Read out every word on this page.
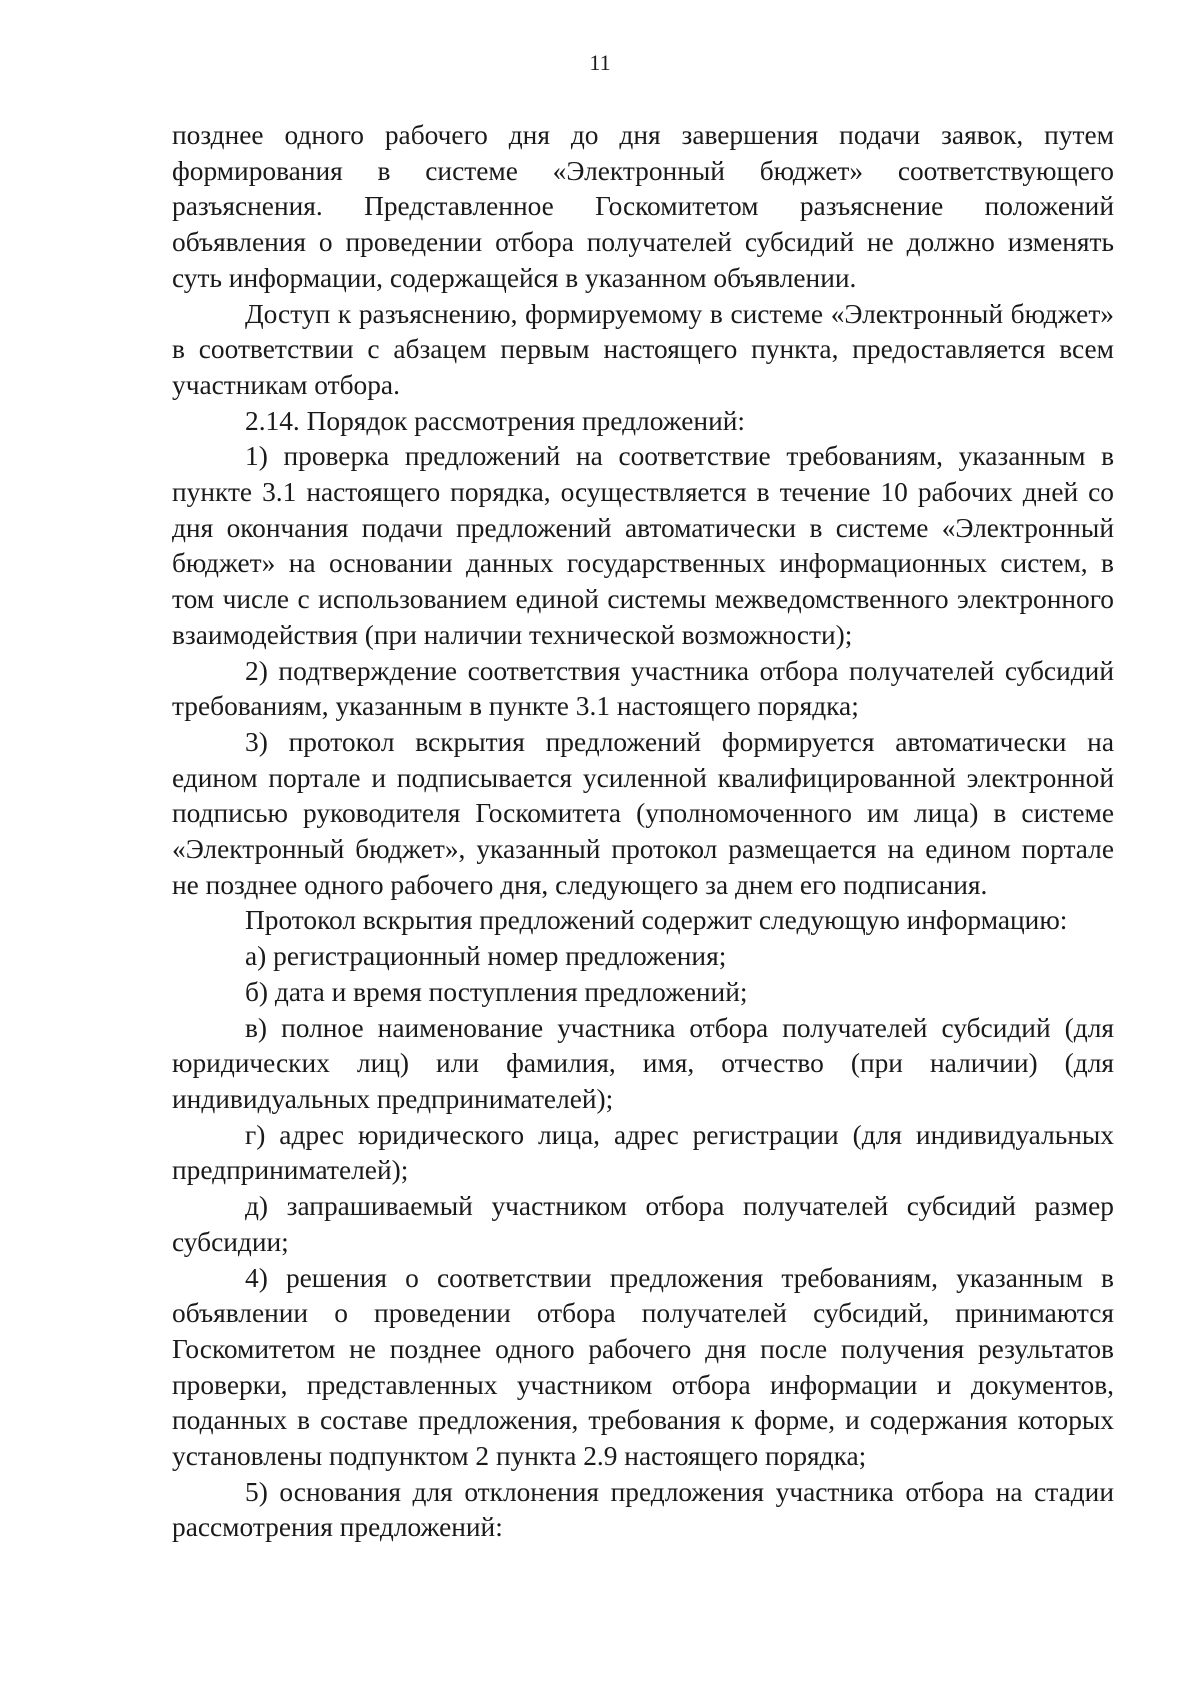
11

позднее одного рабочего дня до дня завершения подачи заявок, путем формирования в системе «Электронный бюджет» соответствующего разъяснения. Представленное Госкомитетом разъяснение положений объявления о проведении отбора получателей субсидий не должно изменять суть информации, содержащейся в указанном объявлении.

Доступ к разъяснению, формируемому в системе «Электронный бюджет» в соответствии с абзацем первым настоящего пункта, предоставляется всем участникам отбора.

2.14. Порядок рассмотрения предложений:

1) проверка предложений на соответствие требованиям, указанным в пункте 3.1 настоящего порядка, осуществляется в течение 10 рабочих дней со дня окончания подачи предложений автоматически в системе «Электронный бюджет» на основании данных государственных информационных систем, в том числе с использованием единой системы межведомственного электронного взаимодействия (при наличии технической возможности);

2) подтверждение соответствия участника отбора получателей субсидий требованиям, указанным в пункте 3.1 настоящего порядка;

3) протокол вскрытия предложений формируется автоматически на едином портале и подписывается усиленной квалифицированной электронной подписью руководителя Госкомитета (уполномоченного им лица) в системе «Электронный бюджет», указанный протокол размещается на едином портале не позднее одного рабочего дня, следующего за днем его подписания.

Протокол вскрытия предложений содержит следующую информацию:

а) регистрационный номер предложения;

б) дата и время поступления предложений;

в) полное наименование участника отбора получателей субсидий (для юридических лиц) или фамилия, имя, отчество (при наличии) (для индивидуальных предпринимателей);

г) адрес юридического лица, адрес регистрации (для индивидуальных предпринимателей);

д) запрашиваемый участником отбора получателей субсидий размер субсидии;

4) решения о соответствии предложения требованиям, указанным в объявлении о проведении отбора получателей субсидий, принимаются Госкомитетом не позднее одного рабочего дня после получения результатов проверки, представленных участником отбора информации и документов, поданных в составе предложения, требования к форме, и содержания которых установлены подпунктом 2 пункта 2.9 настоящего порядка;

5) основания для отклонения предложения участника отбора на стадии рассмотрения предложений:
